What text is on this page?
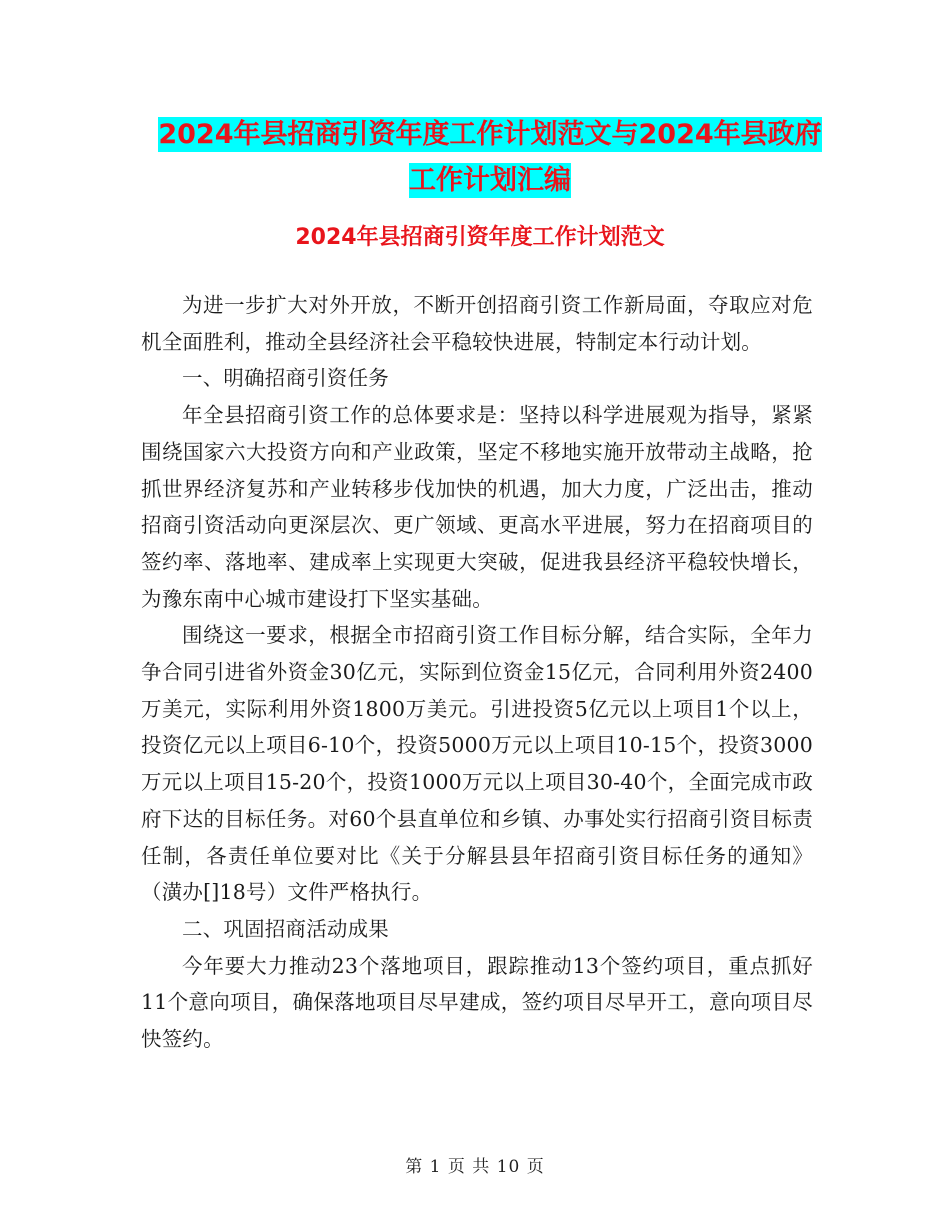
2024年县招商引资年度工作计划范文与2024年县政府
工作计划汇编
2024年县招商引资年度工作计划范文

为进一步扩大对外开放，不断开创招商引资工作新局面，夺取应对危机全面胜利，推动全县经济社会平稳较快进展，特制定本行动计划。

一、明确招商引资任务

年全县招商引资工作的总体要求是：坚持以科学进展观为指导，紧紧围绕国家六大投资方向和产业政策，坚定不移地实施开放带动主战略，抢抓世界经济复苏和产业转移步伐加快的机遇，加大力度，广泛出击，推动招商引资活动向更深层次、更广领域、更高水平进展，努力在招商项目的签约率、落地率、建成率上实现更大突破，促进我县经济平稳较快增长，为豫东南中心城市建设打下坚实基础。

围绕这一要求，根据全市招商引资工作目标分解，结合实际，全年力争合同引进省外资金30亿元，实际到位资金15亿元，合同利用外资2400万美元，实际利用外资1800万美元。引进投资5亿元以上项目1个以上，投资亿元以上项目6-10个，投资5000万元以上项目10-15个，投资3000万元以上项目15-20个，投资1000万元以上项目30-40个，全面完成市政府下达的目标任务。对60个县直单位和乡镇、办事处实行招商引资目标责任制，各责任单位要对比《关于分解县县年招商引资目标任务的通知》（潢办[]18号）文件严格执行。

二、巩固招商活动成果

今年要大力推动23个落地项目，跟踪推动13个签约项目，重点抓好11个意向项目，确保落地项目尽早建成，签约项目尽早开工，意向项目尽快签约。

第 1 页 共 10 页
